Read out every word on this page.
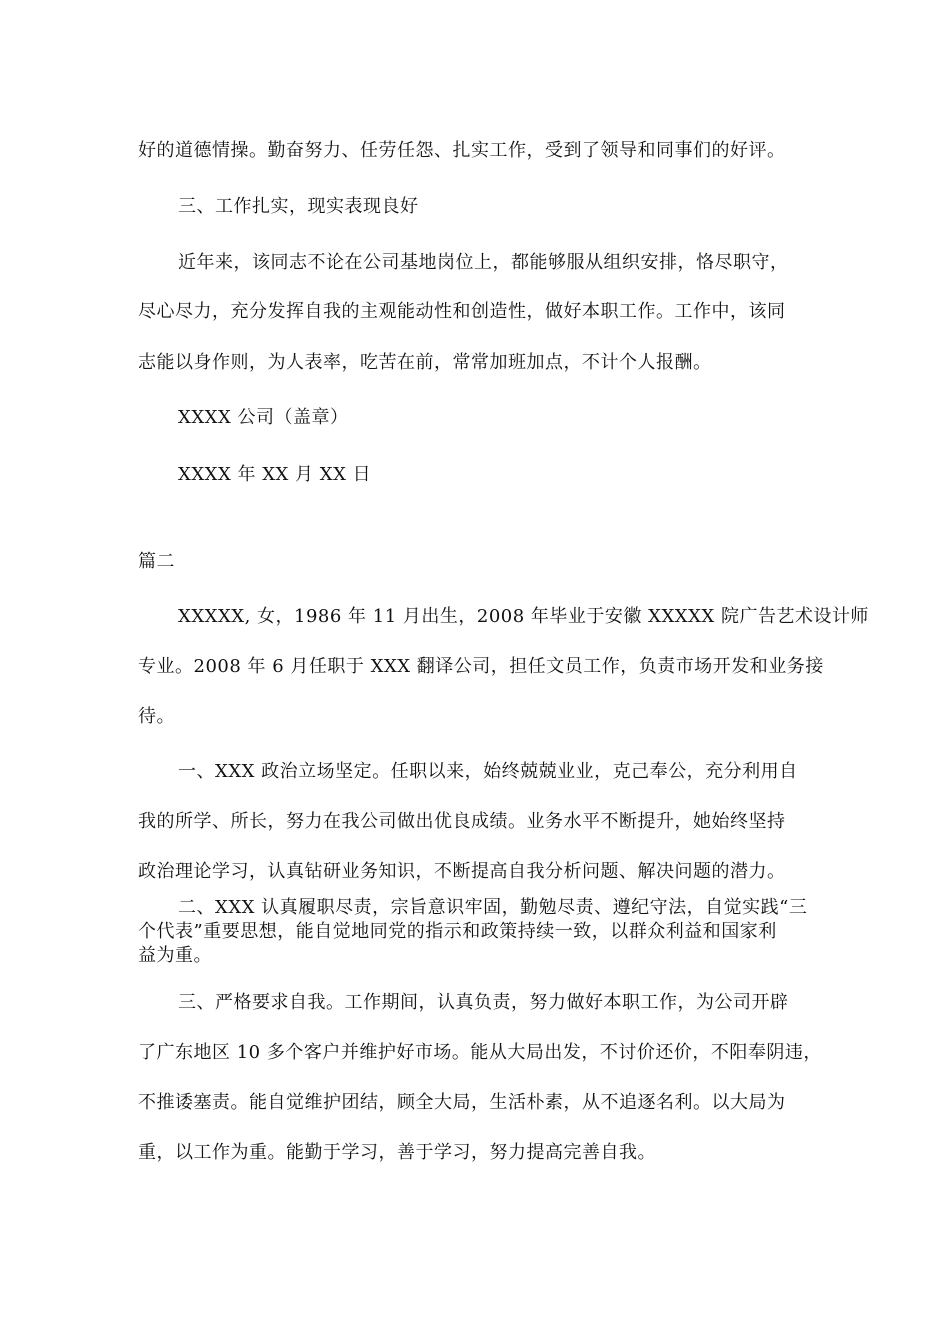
好的道德情操。勤奋努力、任劳任怨、扎实工作，受到了领导和同事们的好评。

三、工作扎实，现实表现良好

近年来，该同志不论在公司基地岗位上，都能够服从组织安排，恪尽职守，

尽心尽力，充分发挥自我的主观能动性和创造性，做好本职工作。工作中，该同

志能以身作则，为人表率，吃苦在前，常常加班加点，不计个人报酬。

XXXX 公司（盖章）

XXXX 年 XX 月 XX 日

篇二

XXXXX, 女，1986 年 11 月出生，2008 年毕业于安徽 XXXXX 院广告艺术设计师

专业。2008 年 6 月任职于 XXX 翻译公司，担任文员工作，负责市场开发和业务接

待。

一、XXX 政治立场坚定。任职以来，始终兢兢业业，克己奉公，充分利用自

我的所学、所长，努力在我公司做出优良成绩。业务水平不断提升，她始终坚持

政治理论学习，认真钻研业务知识，不断提高自我分析问题、解决问题的潜力。

二、XXX 认真履职尽责，宗旨意识牢固，勤勉尽责、遵纪守法，自觉实践“三

个代表”重要思想，能自觉地同党的指示和政策持续一致，以群众利益和国家利

益为重。

三、严格要求自我。工作期间，认真负责，努力做好本职工作，为公司开辟

了广东地区 10 多个客户并维护好市场。能从大局出发，不讨价还价，不阳奉阴违，

不推诿塞责。能自觉维护团结，顾全大局，生活朴素，从不追逐名利。以大局为

重，以工作为重。能勤于学习，善于学习，努力提高完善自我。
